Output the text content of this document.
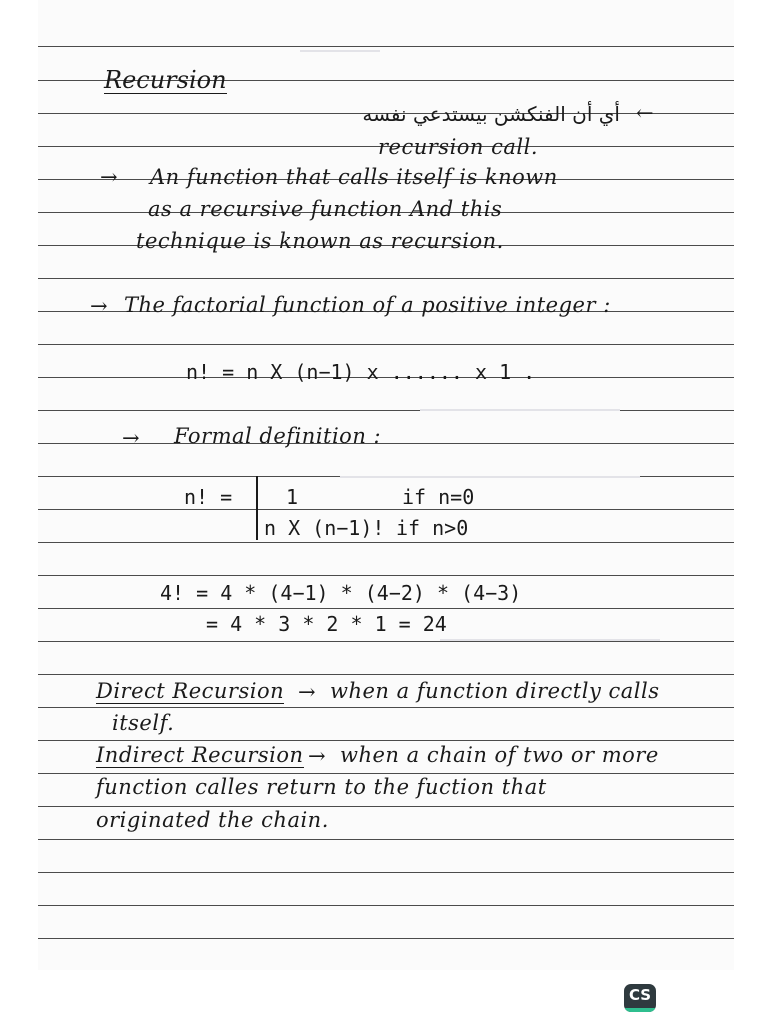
Recursion
أي أن الفنكشن بيستدعي نفسه ←
recursion call.
→ An function that calls itself is known
as a recursive function And this
technique is known as recursion.
→ The factorial function of a positive integer :
n! = n X (n−1) x ...... x 1 .
→ Formal definition :
n! =	1	if n=0
n X (n−1)! if n>0
4! = 4 * (4−1) * (4−2) * (4−3)
= 4 * 3 * 2 * 1 = 24
Direct Recursion → when a function directly calls
itself.
Indirect Recursion → when a chain of two or more
function calles return to the fuction that
originated the chain.
CS
